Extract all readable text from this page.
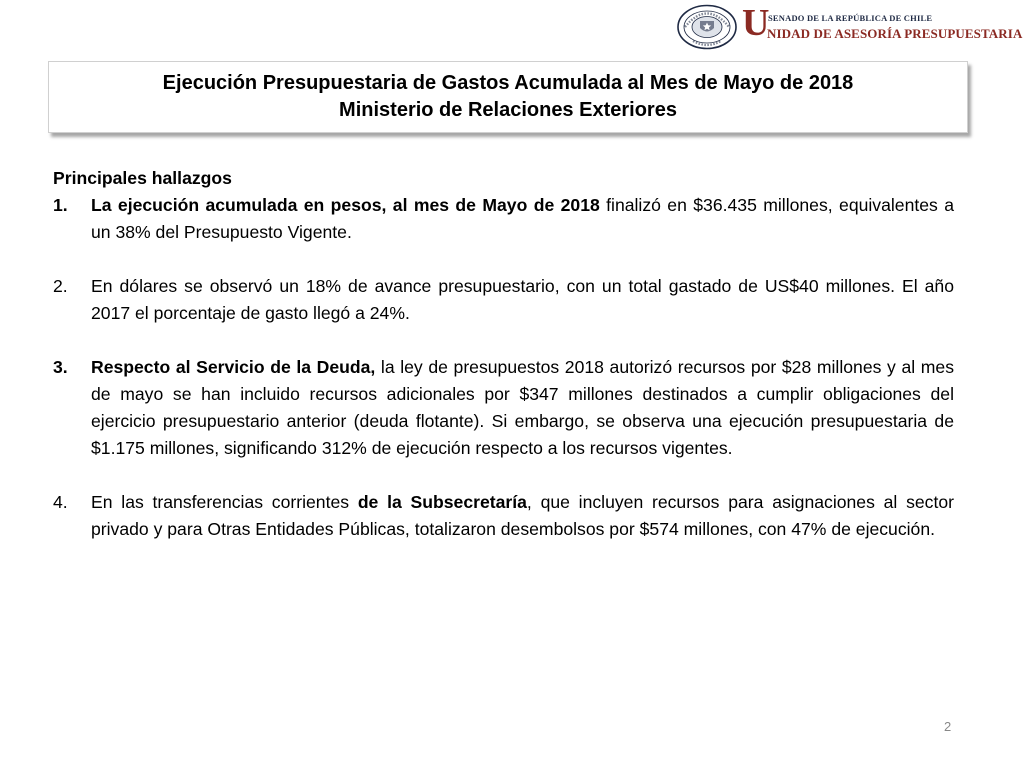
U
SENADO DE LA REPÚBLICA DE CHILE
NIDAD DE ASESORÍA PRESUPUESTARIA
Ejecución Presupuestaria de Gastos Acumulada al Mes de Mayo de 2018
Ministerio de Relaciones Exteriores

Principales hallazgos

1. La ejecución acumulada en pesos, al mes de Mayo de 2018 finalizó en $36.435 millones, equivalentes a un 38% del Presupuesto Vigente.
2. En dólares se observó un 18% de avance presupuestario, con un total gastado de US$40 millones. El año 2017 el porcentaje de gasto llegó a 24%.
3. Respecto al Servicio de la Deuda, la ley de presupuestos 2018 autorizó recursos por $28 millones y al mes de mayo se han incluido recursos adicionales por $347 millones destinados a cumplir obligaciones del ejercicio presupuestario anterior (deuda flotante). Si embargo, se observa una ejecución presupuestaria de $1.175 millones, significando 312% de ejecución respecto a los recursos vigentes.
4. En las transferencias corrientes de la Subsecretaría, que incluyen recursos para asignaciones al sector privado y para Otras Entidades Públicas, totalizaron desembolsos por $574 millones, con 47% de ejecución.
2
